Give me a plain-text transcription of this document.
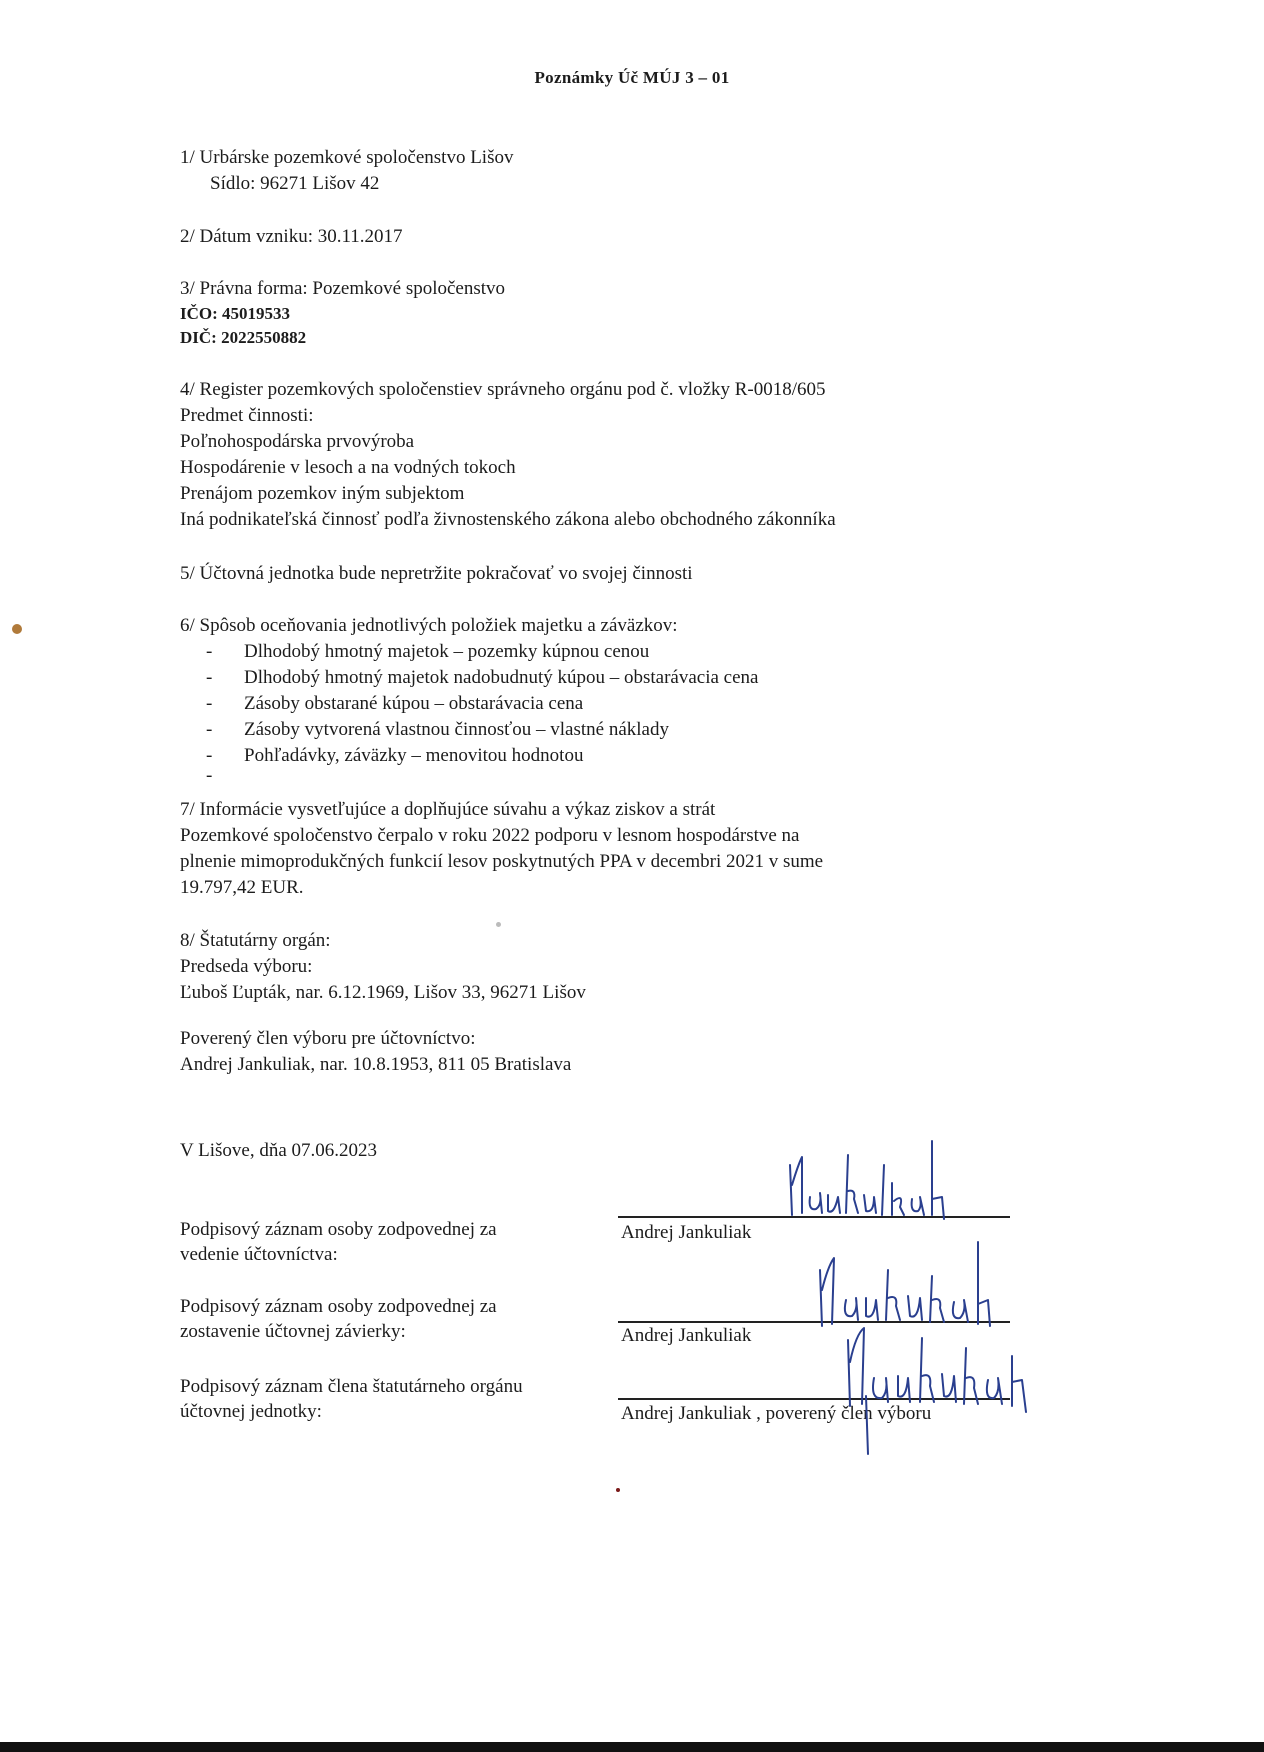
Poznámky Úč MÚJ 3 – 01
1/ Urbárske pozemkové spoločenstvo Lišov
Sídlo: 96271 Lišov 42
2/ Dátum vzniku: 30.11.2017
3/ Právna forma: Pozemkové spoločenstvo
IČO: 45019533
DIČ: 2022550882
4/ Register pozemkových spoločenstiev správneho orgánu pod č. vložky R-0018/605
Predmet činnosti:
Poľnohospodárska prvovýroba
Hospodárenie v lesoch a na vodných tokoch
Prenájom pozemkov iným subjektom
Iná podnikateľská činnosť podľa živnostenského zákona alebo obchodného zákonníka
5/ Účtovná jednotka bude nepretržite pokračovať vo svojej činnosti
6/ Spôsob oceňovania jednotlivých položiek majetku a záväzkov:
- Dlhodobý hmotný majetok – pozemky kúpnou cenou
- Dlhodobý hmotný majetok nadobudnutý kúpou – obstarávacia cena
- Zásoby obstarané kúpou – obstarávacia cena
- Zásoby vytvorená vlastnou činnosťou – vlastné náklady
- Pohľadávky, záväzky – menovitou hodnotou
-
7/ Informácie vysvetľujúce a doplňujúce súvahu a výkaz ziskov a strát
Pozemkové spoločenstvo čerpalo v roku 2022 podporu v lesnom hospodárstve na
plnenie mimoprodukčných funkcií lesov poskytnutých PPA v decembri 2021 v sume
19.797,42 EUR.
8/ Štatutárny orgán:
Predseda výboru:
Ľuboš Ľupták, nar. 6.12.1969, Lišov 33, 96271 Lišov
Poverený člen výboru pre účtovníctvo:
Andrej Jankuliak, nar. 10.8.1953, 811 05 Bratislava
V Lišove, dňa 07.06.2023
Podpisový záznam osoby zodpovednej za
vedenie účtovníctva:
Podpisový záznam osoby zodpovednej za
zostavenie účtovnej závierky:
Podpisový záznam člena štatutárneho orgánu
účtovnej jednotky:
Andrej Jankuliak
Andrej Jankuliak
Andrej Jankuliak , poverený člen výboru
